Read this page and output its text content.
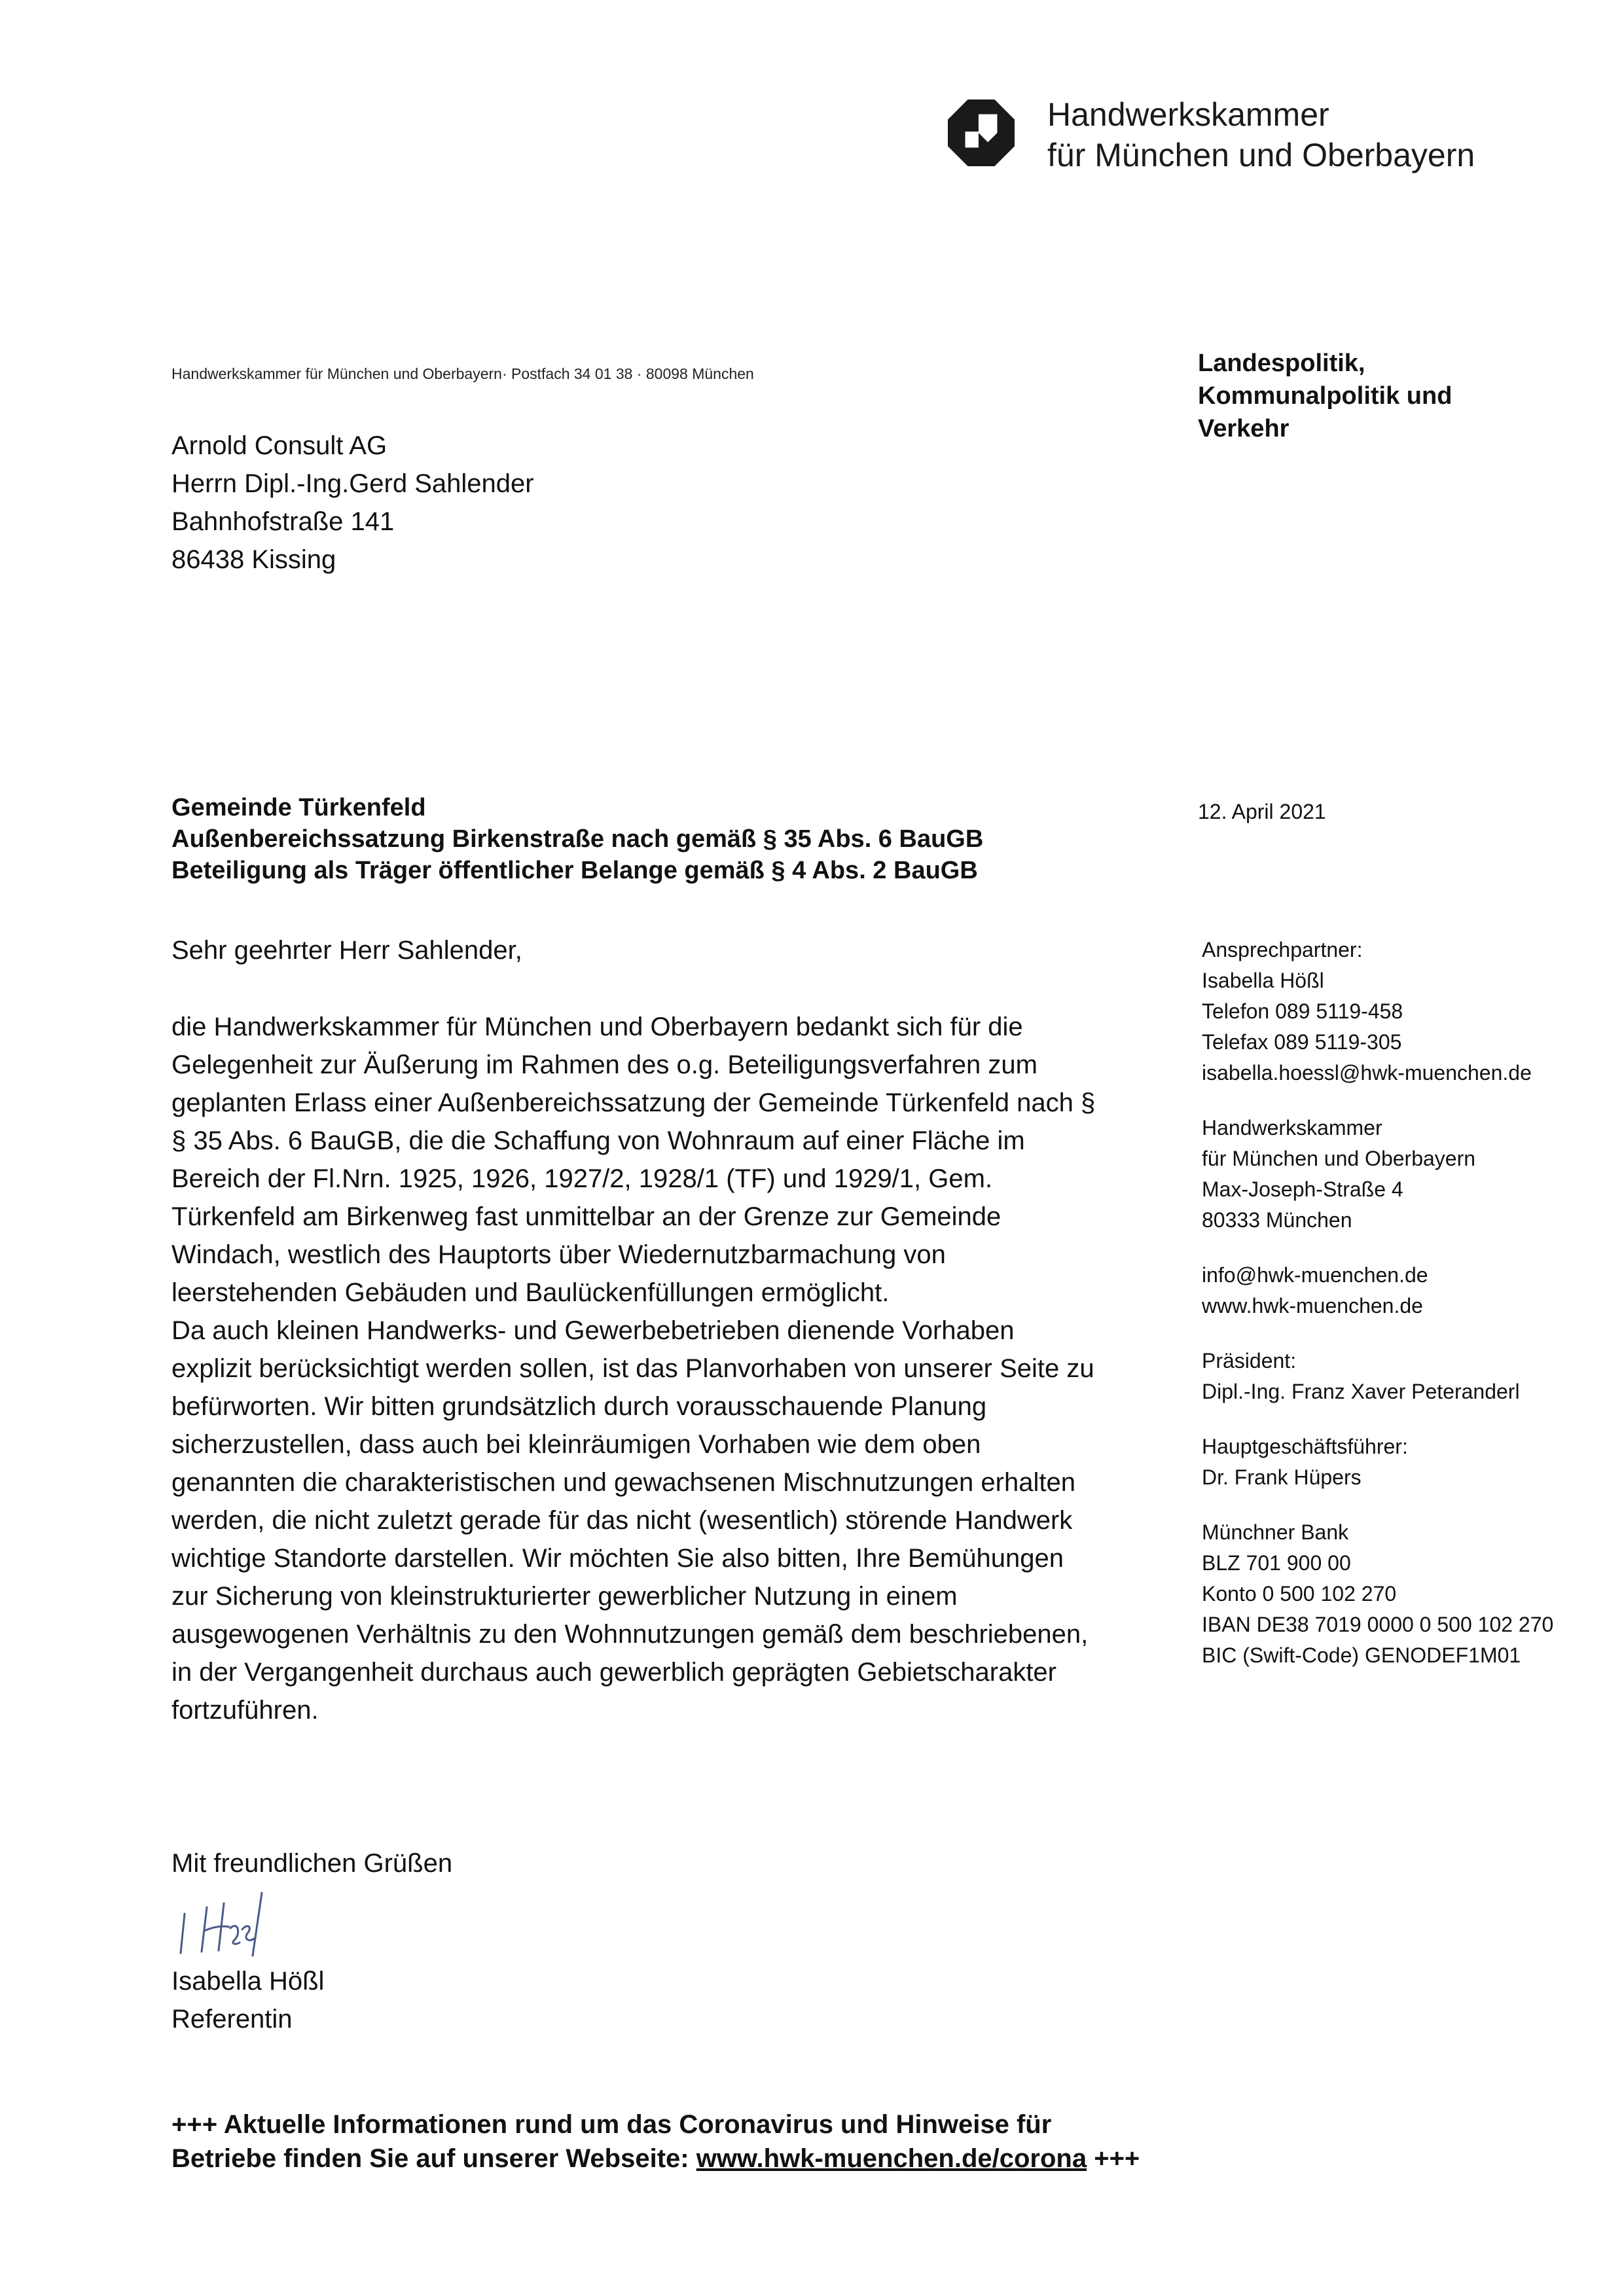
Handwerkskammer
für München und Oberbayern
Handwerkskammer für München und Oberbayern· Postfach 34 01 38 · 80098 München
Arnold Consult AG
Herrn Dipl.-Ing.Gerd Sahlender
Bahnhofstraße 141
86438 Kissing
Landespolitik,
Kommunalpolitik und
Verkehr
Gemeinde Türkenfeld
Außenbereichssatzung Birkenstraße nach gemäß § 35 Abs. 6 BauGB
Beteiligung als Träger öffentlicher Belange gemäß § 4 Abs. 2 BauGB
12. April 2021
Sehr geehrter Herr Sahlender,

die Handwerkskammer für München und Oberbayern bedankt sich für die

Gelegenheit zur Äußerung im Rahmen des o.g. Beteiligungsverfahren zum

geplanten Erlass einer Außenbereichssatzung der Gemeinde Türkenfeld nach §

§ 35 Abs. 6 BauGB, die die Schaffung von Wohnraum auf einer Fläche im

Bereich der Fl.Nrn. 1925, 1926, 1927/2, 1928/1 (TF) und 1929/1, Gem.

Türkenfeld am Birkenweg fast unmittelbar an der Grenze zur Gemeinde

Windach, westlich des Hauptorts über Wiedernutzbarmachung von

leerstehenden Gebäuden und Baulückenfüllungen ermöglicht.

Da auch kleinen Handwerks- und Gewerbebetrieben dienende Vorhaben

explizit berücksichtigt werden sollen, ist das Planvorhaben von unserer Seite zu

befürworten. Wir bitten grundsätzlich durch vorausschauende Planung

sicherzustellen, dass auch bei kleinräumigen Vorhaben wie dem oben

genannten die charakteristischen und gewachsenen Mischnutzungen erhalten

werden, die nicht zuletzt gerade für das nicht (wesentlich) störende Handwerk

wichtige Standorte darstellen. Wir möchten Sie also bitten, Ihre Bemühungen

zur Sicherung von kleinstrukturierter gewerblicher Nutzung in einem

ausgewogenen Verhältnis zu den Wohnnutzungen gemäß dem beschriebenen,

in der Vergangenheit durchaus auch gewerblich geprägten Gebietscharakter

fortzuführen.

Ansprechpartner:
Isabella Hößl
Telefon 089 5119-458
Telefax 089 5119-305
isabella.hoessl@hwk-muenchen.de
Handwerkskammer
für München und Oberbayern
Max-Joseph-Straße 4
80333 München
info@hwk-muenchen.de
www.hwk-muenchen.de
Präsident:
Dipl.-Ing. Franz Xaver Peteranderl
Hauptgeschäftsführer:
Dr. Frank Hüpers
Münchner Bank
BLZ 701 900 00
Konto 0 500 102 270
IBAN DE38 7019 0000 0 500 102 270
BIC (Swift-Code) GENODEF1M01
Mit freundlichen Grüßen
Isabella Hößl
Referentin
+++ Aktuelle Informationen rund um das Coronavirus und Hinweise für
Betriebe finden Sie auf unserer Webseite: www.hwk-muenchen.de/corona +++
